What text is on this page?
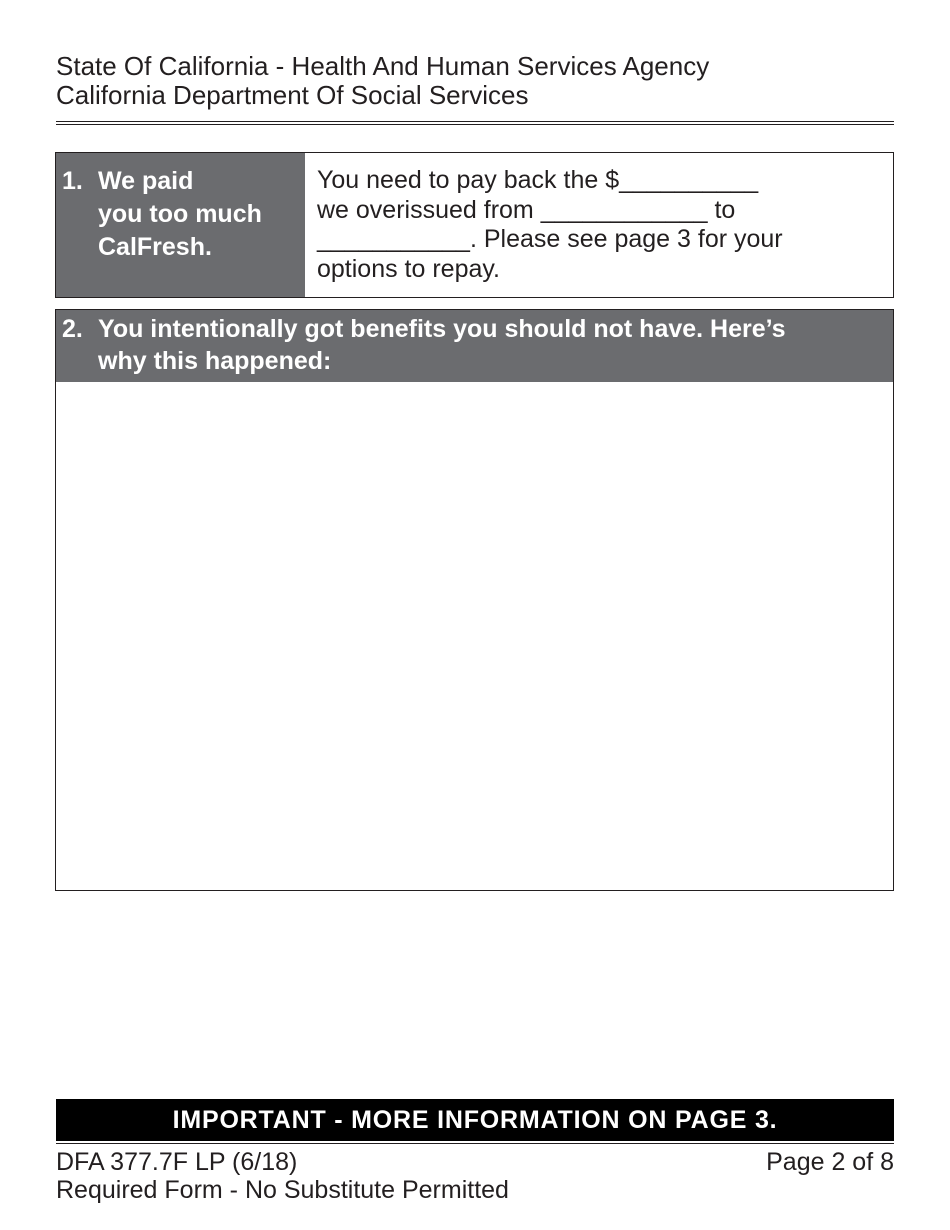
State Of California - Health And Human Services Agency
California Department Of Social Services
1. We paid
you too much
CalFresh.
You need to pay back the $__________
we overissued from ____________ to
___________. Please see page 3 for your
options to repay.
2. You intentionally got benefits you should not have. Here’s
why this happened:
IMPORTANT - MORE INFORMATION ON PAGE 3.
DFA 377.7F LP (6/18)
Required Form - No Substitute Permitted
Page 2 of 8
